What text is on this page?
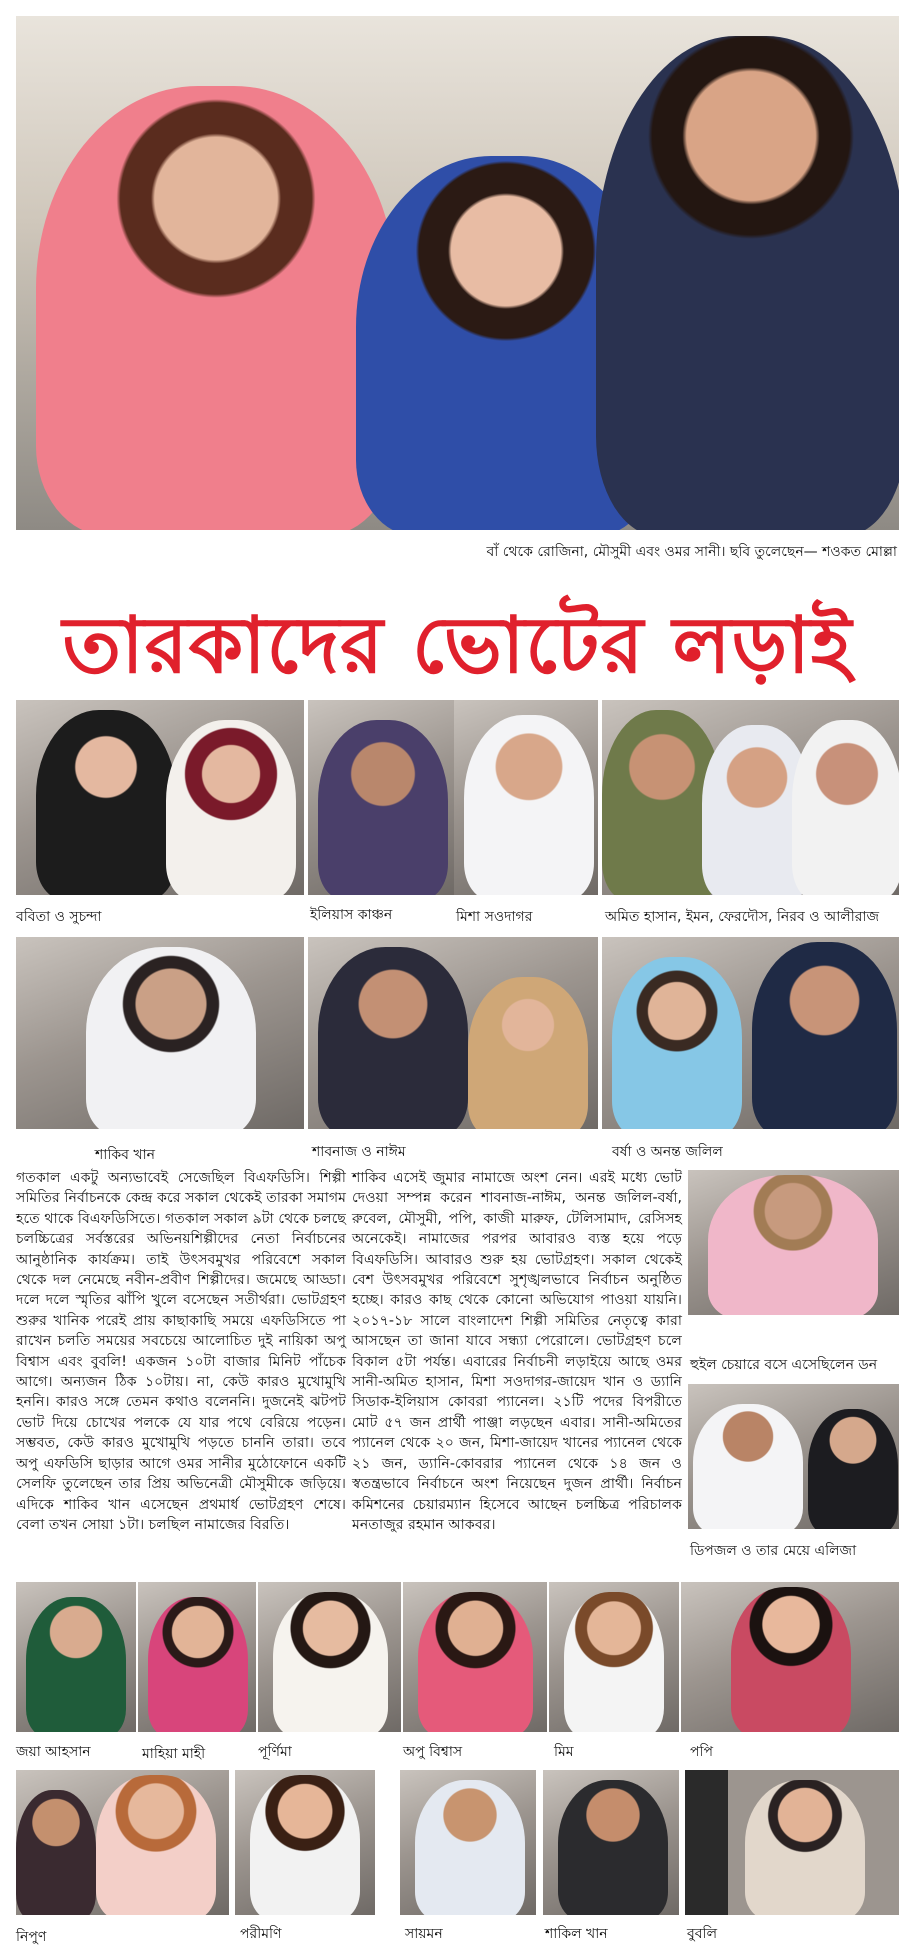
বাঁ থেকে রোজিনা, মৌসুমী এবং ওমর সানী। ছবি তুলেছেন— শওকত মোল্লা
তারকাদের ভোটের লড়াই
ববিতা ও সুচন্দা	ইলিয়াস কাঞ্চন	মিশা সওদাগর	অমিত হাসান, ইমন, ফেরদৌস, নিরব ও আলীরাজ
শাকিব খান	শাবনাজ ও নাঈম	বর্ষা ও অনন্ত জলিল

গতকাল একটু অন্যভাবেই সেজেছিল বিএফডিসি। শিল্পী সমিতির নির্বাচনকে কেন্দ্র করে সকাল থেকেই তারকা সমাগম হতে থাকে বিএফডিসিতে। গতকাল সকাল ৯টা থেকে চলছে চলচ্চিত্রের সর্বস্তরের অভিনয়শিল্পীদের নেতা নির্বাচনের আনুষ্ঠানিক কার্যক্রম। তাই উৎসবমুখর পরিবেশে সকাল থেকে দল নেমেছে নবীন-প্রবীণ শিল্পীদের। জমেছে আড্ডা। দলে দলে স্মৃতির ঝাঁপি খুলে বসেছেন সতীর্থরা। ভোটগ্রহণ শুরুর খানিক পরেই প্রায় কাছাকাছি সময়ে এফডিসিতে পা রাখেন চলতি সময়ের সবচেয়ে আলোচিত দুই নায়িকা অপু বিশ্বাস এবং বুবলি! একজন ১০টা বাজার মিনিট পাঁচেক আগে। অন্যজন ঠিক ১০টায়। না, কেউ কারও মুখোমুখি হননি। কারও সঙ্গে তেমন কথাও বলেননি। দুজনেই ঝটপট ভোট দিয়ে চোখের পলকে যে যার পথে বেরিয়ে পড়েন। সম্ভবত, কেউ কারও মুখোমুখি পড়তে চাননি তারা। তবে অপু এফডিসি ছাড়ার আগে ওমর সানীর মুঠোফোনে একটি সেলফি তুলেছেন তার প্রিয় অভিনেত্রী মৌসুমীকে জড়িয়ে। এদিকে শাকিব খান এসেছেন প্রথমার্ধ ভোটগ্রহণ শেষে। বেলা তখন সোয়া ১টা। চলছিল নামাজের বিরতি।

শাকিব এসেই জুমার নামাজে অংশ নেন। এরই মধ্যে ভোট দেওয়া সম্পন্ন করেন শাবনাজ-নাঈম, অনন্ত জলিল-বর্ষা, রুবেল, মৌসুমী, পপি, কাজী মারুফ, টেলিসামাদ, রেসিসহ অনেকেই। নামাজের পরপর আবারও ব্যস্ত হয়ে পড়ে বিএফডিসি। আবারও শুরু হয় ভোটগ্রহণ। সকাল থেকেই বেশ উৎসবমুখর পরিবেশে সুশৃঙ্খলভাবে নির্বাচন অনুষ্ঠিত হচ্ছে। কারও কাছ থেকে কোনো অভিযোগ পাওয়া যায়নি। ২০১৭-১৮ সালে বাংলাদেশ শিল্পী সমিতির নেতৃত্বে কারা আসছেন তা জানা যাবে সন্ধ্যা পেরোলে। ভোটগ্রহণ চলে বিকাল ৫টা পর্যন্ত। এবারের নির্বাচনী লড়াইয়ে আছে ওমর সানী-অমিত হাসান, মিশা সওদাগর-জায়েদ খান ও ড্যানি সিডাক-ইলিয়াস কোবরা প্যানেল। ২১টি পদের বিপরীতে মোট ৫৭ জন প্রার্থী পাঞ্জা লড়ছেন এবার। সানী-অমিতের প্যানেল থেকে ২০ জন, মিশা-জায়েদ খানের প্যানেল থেকে ২১ জন, ড্যানি-কোবরার প্যানেল থেকে ১৪ জন ও স্বতন্ত্রভাবে নির্বাচনে অংশ নিয়েছেন দুজন প্রার্থী। নির্বাচন কমিশনের চেয়ারম্যান হিসেবে আছেন চলচ্চিত্র পরিচালক মনতাজুর রহমান আকবর।

হুইল চেয়ারে বসে এসেছিলেন ডন
ডিপজল ও তার মেয়ে এলিজা
জয়া আহসান	মাহিয়া মাহী	পূর্ণিমা	অপু বিশ্বাস	মিম	পপি
নিপুণ	পরীমণি	সায়মন	শাকিল খান	বুবলি
